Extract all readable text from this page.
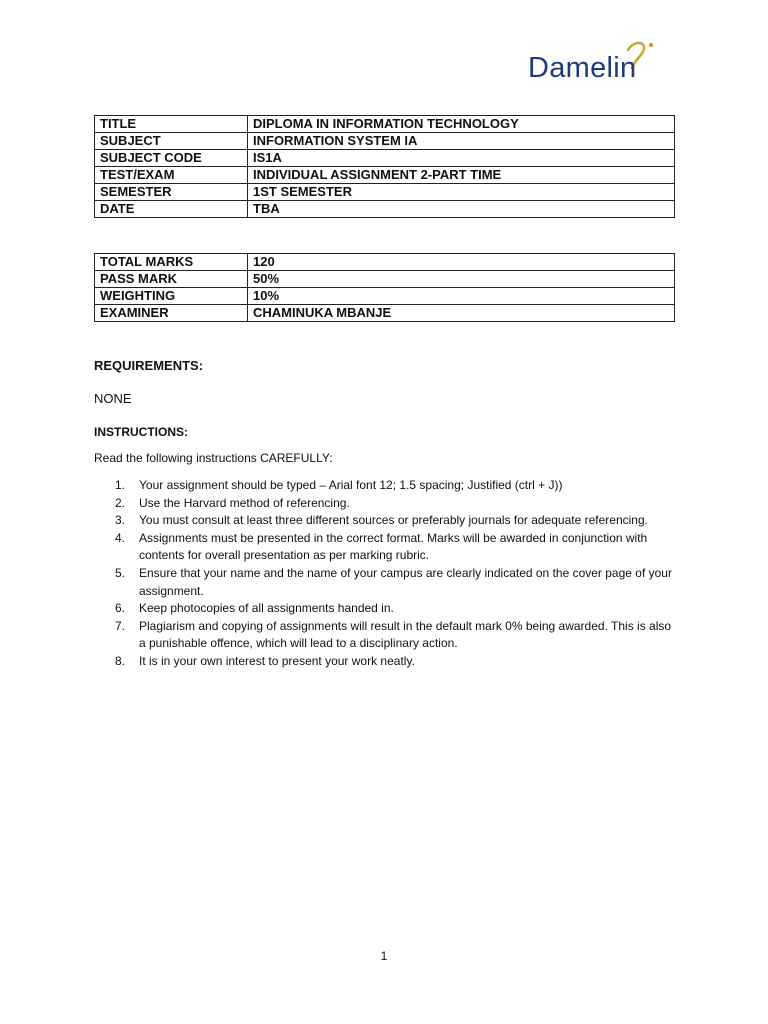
Damelin
TITLE	DIPLOMA IN INFORMATION TECHNOLOGY
SUBJECT	INFORMATION SYSTEM IA
SUBJECT CODE	IS1A
TEST/EXAM	INDIVIDUAL ASSIGNMENT 2-PART TIME
SEMESTER	1ST SEMESTER
DATE	TBA
TOTAL MARKS	120
PASS MARK	50%
WEIGHTING	10%
EXAMINER	CHAMINUKA MBANJE
REQUIREMENTS:
NONE
INSTRUCTIONS:
Read the following instructions CAREFULLY:
1. Your assignment should be typed – Arial font 12; 1.5 spacing; Justified (ctrl + J))
2. Use the Harvard method of referencing.
3. You must consult at least three different sources or preferably journals for adequate referencing.
4. Assignments must be presented in the correct format. Marks will be awarded in conjunction with contents for overall presentation as per marking rubric.
5. Ensure that your name and the name of your campus are clearly indicated on the cover page of your assignment.
6. Keep photocopies of all assignments handed in.
7. Plagiarism and copying of assignments will result in the default mark 0% being awarded. This is also a punishable offence, which will lead to a disciplinary action.
8. It is in your own interest to present your work neatly.
1
